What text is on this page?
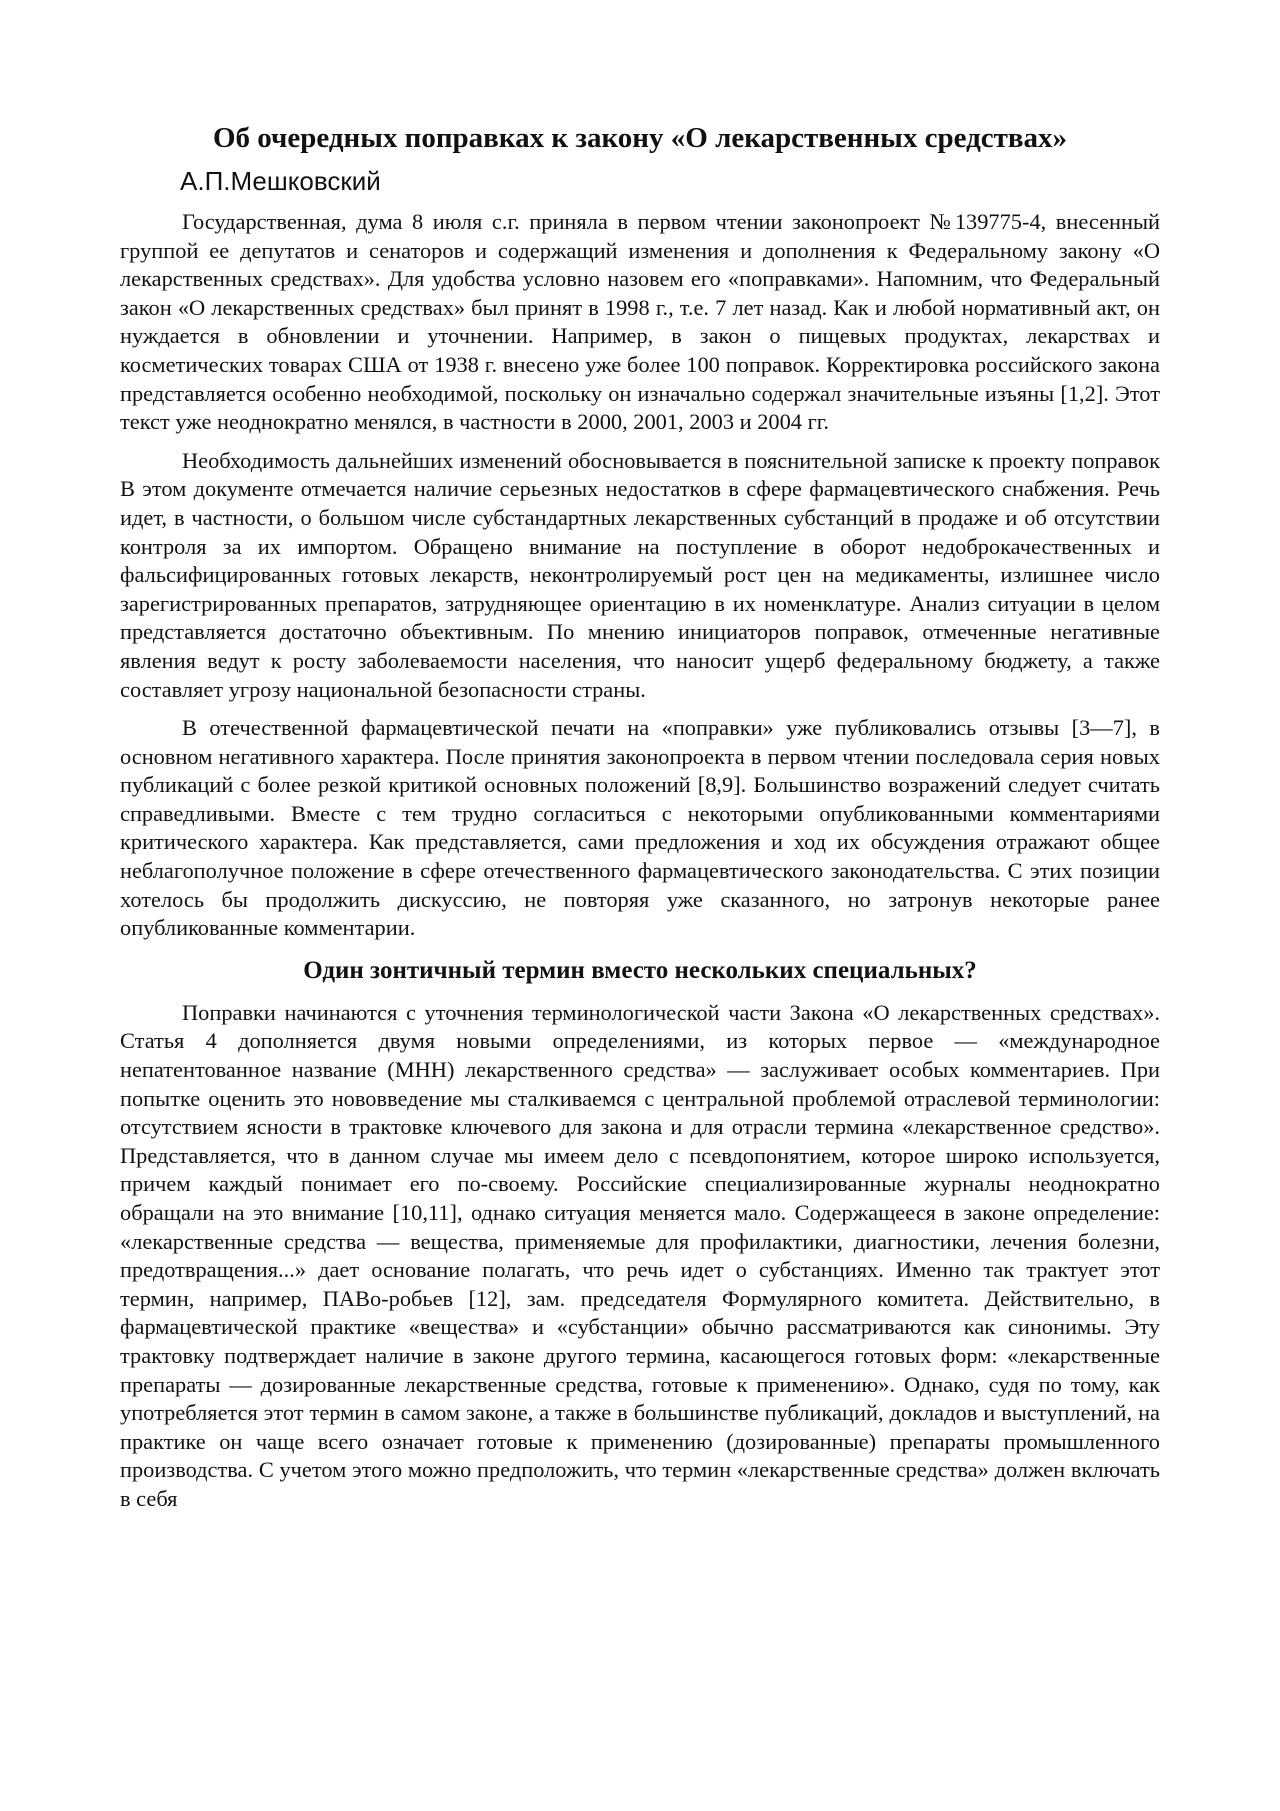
Об очередных поправках к закону «О лекарственных средствах»
А.П.Мешковский

Государственная, дума 8 июля с.г. приняла в первом чтении законопроект №139775-4, внесенный группой ее депутатов и сенаторов и содержащий изменения и дополнения к Федеральному закону «О лекарственных средствах». Для удобства условно назовем его «поправками». Напомним, что Федеральный закон «О лекарственных средствах» был принят в 1998 г., т.е. 7 лет назад. Как и любой нормативный акт, он нуждается в обновлении и уточнении. Например, в закон о пищевых продуктах, лекарствах и косметических товарах США от 1938 г. внесено уже более 100 поправок. Корректировка российского закона представляется особенно необходимой, поскольку он изначально содержал значительные изъяны [1,2]. Этот текст уже неоднократно менялся, в частности в 2000, 2001, 2003 и 2004 гг.

Необходимость дальнейших изменений обосновывается в пояснительной записке к проекту поправок В этом документе отмечается наличие серьезных недостатков в сфере фармацевтического снабжения. Речь идет, в частности, о большом числе субстандартных лекарственных субстанций в продаже и об отсутствии контроля за их импортом. Обращено внимание на поступление в оборот недоброкачественных и фальсифицированных готовых лекарств, неконтролируемый рост цен на медикаменты, излишнее число зарегистрированных препаратов, затрудняющее ориентацию в их номенклатуре. Анализ ситуации в целом представляется достаточно объективным. По мнению инициаторов поправок, отмеченные негативные явления ведут к росту заболеваемости населения, что наносит ущерб федеральному бюджету, а также составляет угрозу национальной безопасности страны.

В отечественной фармацевтической печати на «поправки» уже публиковались отзывы [3—7], в основном негативного характера. После принятия законопроекта в первом чтении последовала серия новых публикаций с более резкой критикой основных положений [8,9]. Большинство возражений следует считать справедливыми. Вместе с тем трудно согласиться с некоторыми опубликованными комментариями критического характера. Как представляется, сами предложения и ход их обсуждения отражают общее неблагополучное положение в сфере отечественного фармацевтического законодательства. С этих позиции хотелось бы продолжить дискуссию, не повторяя уже сказанного, но затронув некоторые ранее опубликованные комментарии.

Один зонтичный термин вместо нескольких специальных?

Поправки начинаются с уточнения терминологической части Закона «О лекарственных средствах». Статья 4 дополняется двумя новыми определениями, из которых первое — «международное непатентованное название (МНН) лекарственного средства» — заслуживает особых комментариев. При попытке оценить это нововведение мы сталкиваемся с центральной проблемой отраслевой терминологии: отсутствием ясности в трактовке ключевого для закона и для отрасли термина «лекарственное средство». Представляется, что в данном случае мы имеем дело с псевдопонятием, которое широко используется, причем каждый понимает его по-своему. Российские специализированные журналы неоднократно обращали на это внимание [10,11], однако ситуация меняется мало. Содержащееся в законе определение: «лекарственные средства — вещества, применяемые для профилактики, диагностики, лечения болезни, предотвращения...» дает основание полагать, что речь идет о субстанциях. Именно так трактует этот термин, например, ПАВо-робьев [12], зам. председателя Формулярного комитета. Действительно, в фармацевтической практике «вещества» и «субстанции» обычно рассматриваются как синонимы. Эту трактовку подтверждает наличие в законе другого термина, касающегося готовых форм: «лекарственные препараты — дозированные лекарственные средства, готовые к применению». Однако, судя по тому, как употребляется этот термин в самом законе, а также в большинстве публикаций, докладов и выступлений, на практике он чаще всего означает готовые к применению (дозированные) препараты промышленного производства. С учетом этого можно предположить, что термин «лекарственные средства» должен включать в себя
